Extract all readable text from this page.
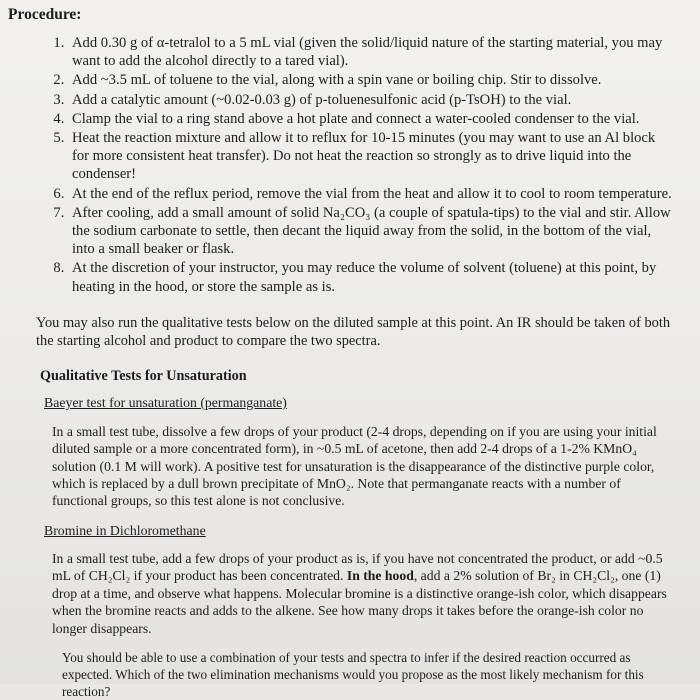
Procedure:
1. Add 0.30 g of α-tetralol to a 5 mL vial (given the solid/liquid nature of the starting material, you may want to add the alcohol directly to a tared vial).
2. Add ~3.5 mL of toluene to the vial, along with a spin vane or boiling chip. Stir to dissolve.
3. Add a catalytic amount (~0.02-0.03 g) of p-toluenesulfonic acid (p-TsOH) to the vial.
4. Clamp the vial to a ring stand above a hot plate and connect a water-cooled condenser to the vial.
5. Heat the reaction mixture and allow it to reflux for 10-15 minutes (you may want to use an Al block for more consistent heat transfer). Do not heat the reaction so strongly as to drive liquid into the condenser!
6. At the end of the reflux period, remove the vial from the heat and allow it to cool to room temperature.
7. After cooling, add a small amount of solid Na₂CO₃ (a couple of spatula-tips) to the vial and stir. Allow the sodium carbonate to settle, then decant the liquid away from the solid, in the bottom of the vial, into a small beaker or flask.
8. At the discretion of your instructor, you may reduce the volume of solvent (toluene) at this point, by heating in the hood, or store the sample as is.

You may also run the qualitative tests below on the diluted sample at this point. An IR should be taken of both the starting alcohol and product to compare the two spectra.

Qualitative Tests for Unsaturation
Baeyer test for unsaturation (permanganate)

In a small test tube, dissolve a few drops of your product (2-4 drops, depending on if you are using your initial diluted sample or a more concentrated form), in ~0.5 mL of acetone, then add 2-4 drops of a 1-2% KMnO₄ solution (0.1 M will work). A positive test for unsaturation is the disappearance of the distinctive purple color, which is replaced by a dull brown precipitate of MnO₂. Note that permanganate reacts with a number of functional groups, so this test alone is not conclusive.

Bromine in Dichloromethane

In a small test tube, add a few drops of your product as is, if you have not concentrated the product, or add ~0.5 mL of CH₂Cl₂ if your product has been concentrated. In the hood, add a 2% solution of Br₂ in CH₂Cl₂, one (1) drop at a time, and observe what happens. Molecular bromine is a distinctive orange-ish color, which disappears when the bromine reacts and adds to the alkene. See how many drops it takes before the orange-ish color no longer disappears.

You should be able to use a combination of your tests and spectra to infer if the desired reaction occurred as expected. Which of the two elimination mechanisms would you propose as the most likely mechanism for this reaction?
